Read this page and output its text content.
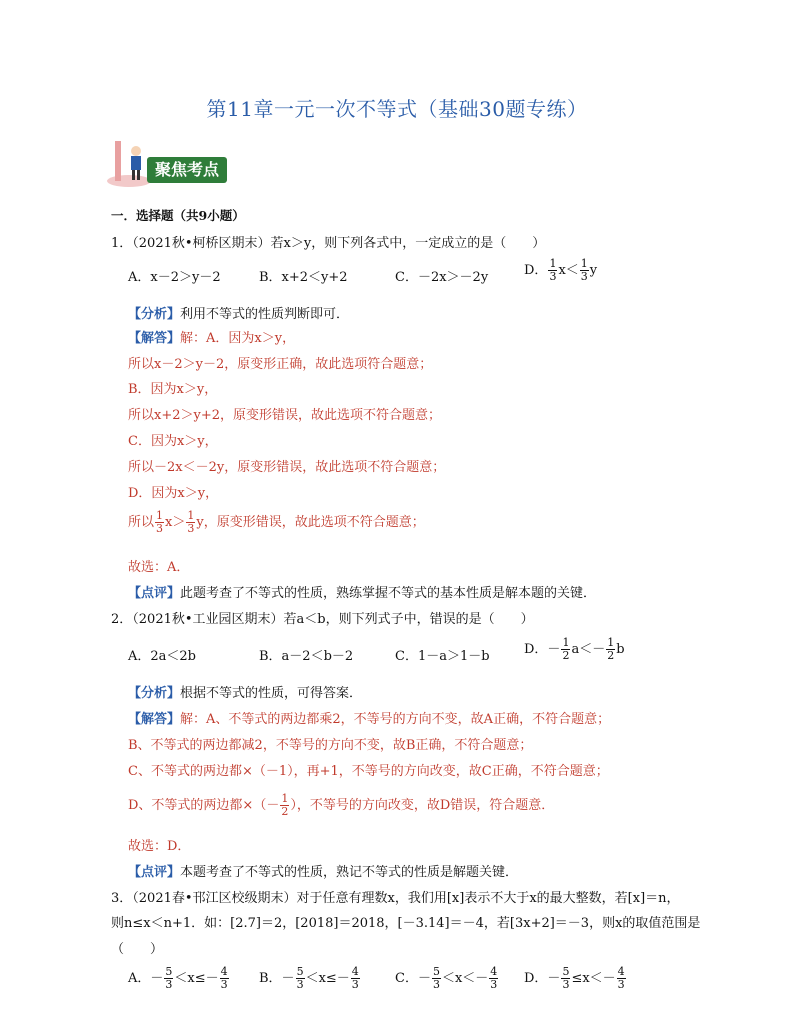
第11章一元一次不等式（基础30题专练）
聚焦考点
一．选择题（共9小题）
1．（2021秋•柯桥区期末）若x＞y，则下列各式中，一定成立的是（　　）
A．x－2＞y－2	B．x+2＜y+2	C．－2x＞－2y	D． $\frac{1}{3} x< \frac{1}{3}$ y
【分析】利用不等式的性质判断即可．
【解答】解：A．因为x＞y，
所以x－2＞y－2，原变形正确，故此选项符合题意；
B．因为x＞y，
所以x+2＞y+2，原变形错误，故此选项不符合题意；
C．因为x＞y，
所以－2x＜－2y，原变形错误，故此选项不符合题意；
D．因为x＞y，
所以 $\frac{1}{3} x> \frac{1}{3}$ y，原变形错误，故此选项不符合题意；
故选：A．
【点评】此题考查了不等式的性质，熟练掌握不等式的基本性质是解本题的关键．
2．（2021秋•工业园区期末）若a＜b，则下列式子中，错误的是（　　）
A．2a＜2b	B．a－2＜b－2	C．1－a＞1－b	D．－ $\frac{1}{2} a<- \frac{1}{2}$ b
【分析】根据不等式的性质，可得答案．
【解答】解：A、不等式的两边都乘2，不等号的方向不变，故A正确，不符合题意；
B、不等式的两边都减2，不等号的方向不变，故B正确，不符合题意；
C、不等式的两边都×（－1），再+1，不等号的方向改变，故C正确，不符合题意；
D、不等式的两边都×（－ $\frac{1}{2}$ ），不等号的方向改变，故D错误，符合题意．
故选：D．
【点评】本题考查了不等式的性质，熟记不等式的性质是解题关键．
3．（2021春•邗江区校级期末）对于任意有理数x，我们用[x]表示不大于x的最大整数，若[x]＝n，
则n≤x＜n+1．如：[2.7]＝2，[2018]＝2018，[－3.14]＝－4，若[3x+2]＝－3，则x的取值范围是
（　　）
A．－ $\frac{5}{3} <x\le- \frac{4}{3}$ B．－ $\frac{5}{3} <x\le- \frac{4}{3}$	C．－ $\frac{5}{3} <x<- \frac{4}{3}$ D．－ $\frac{5}{3} \le x<- \frac{4}{3}$
